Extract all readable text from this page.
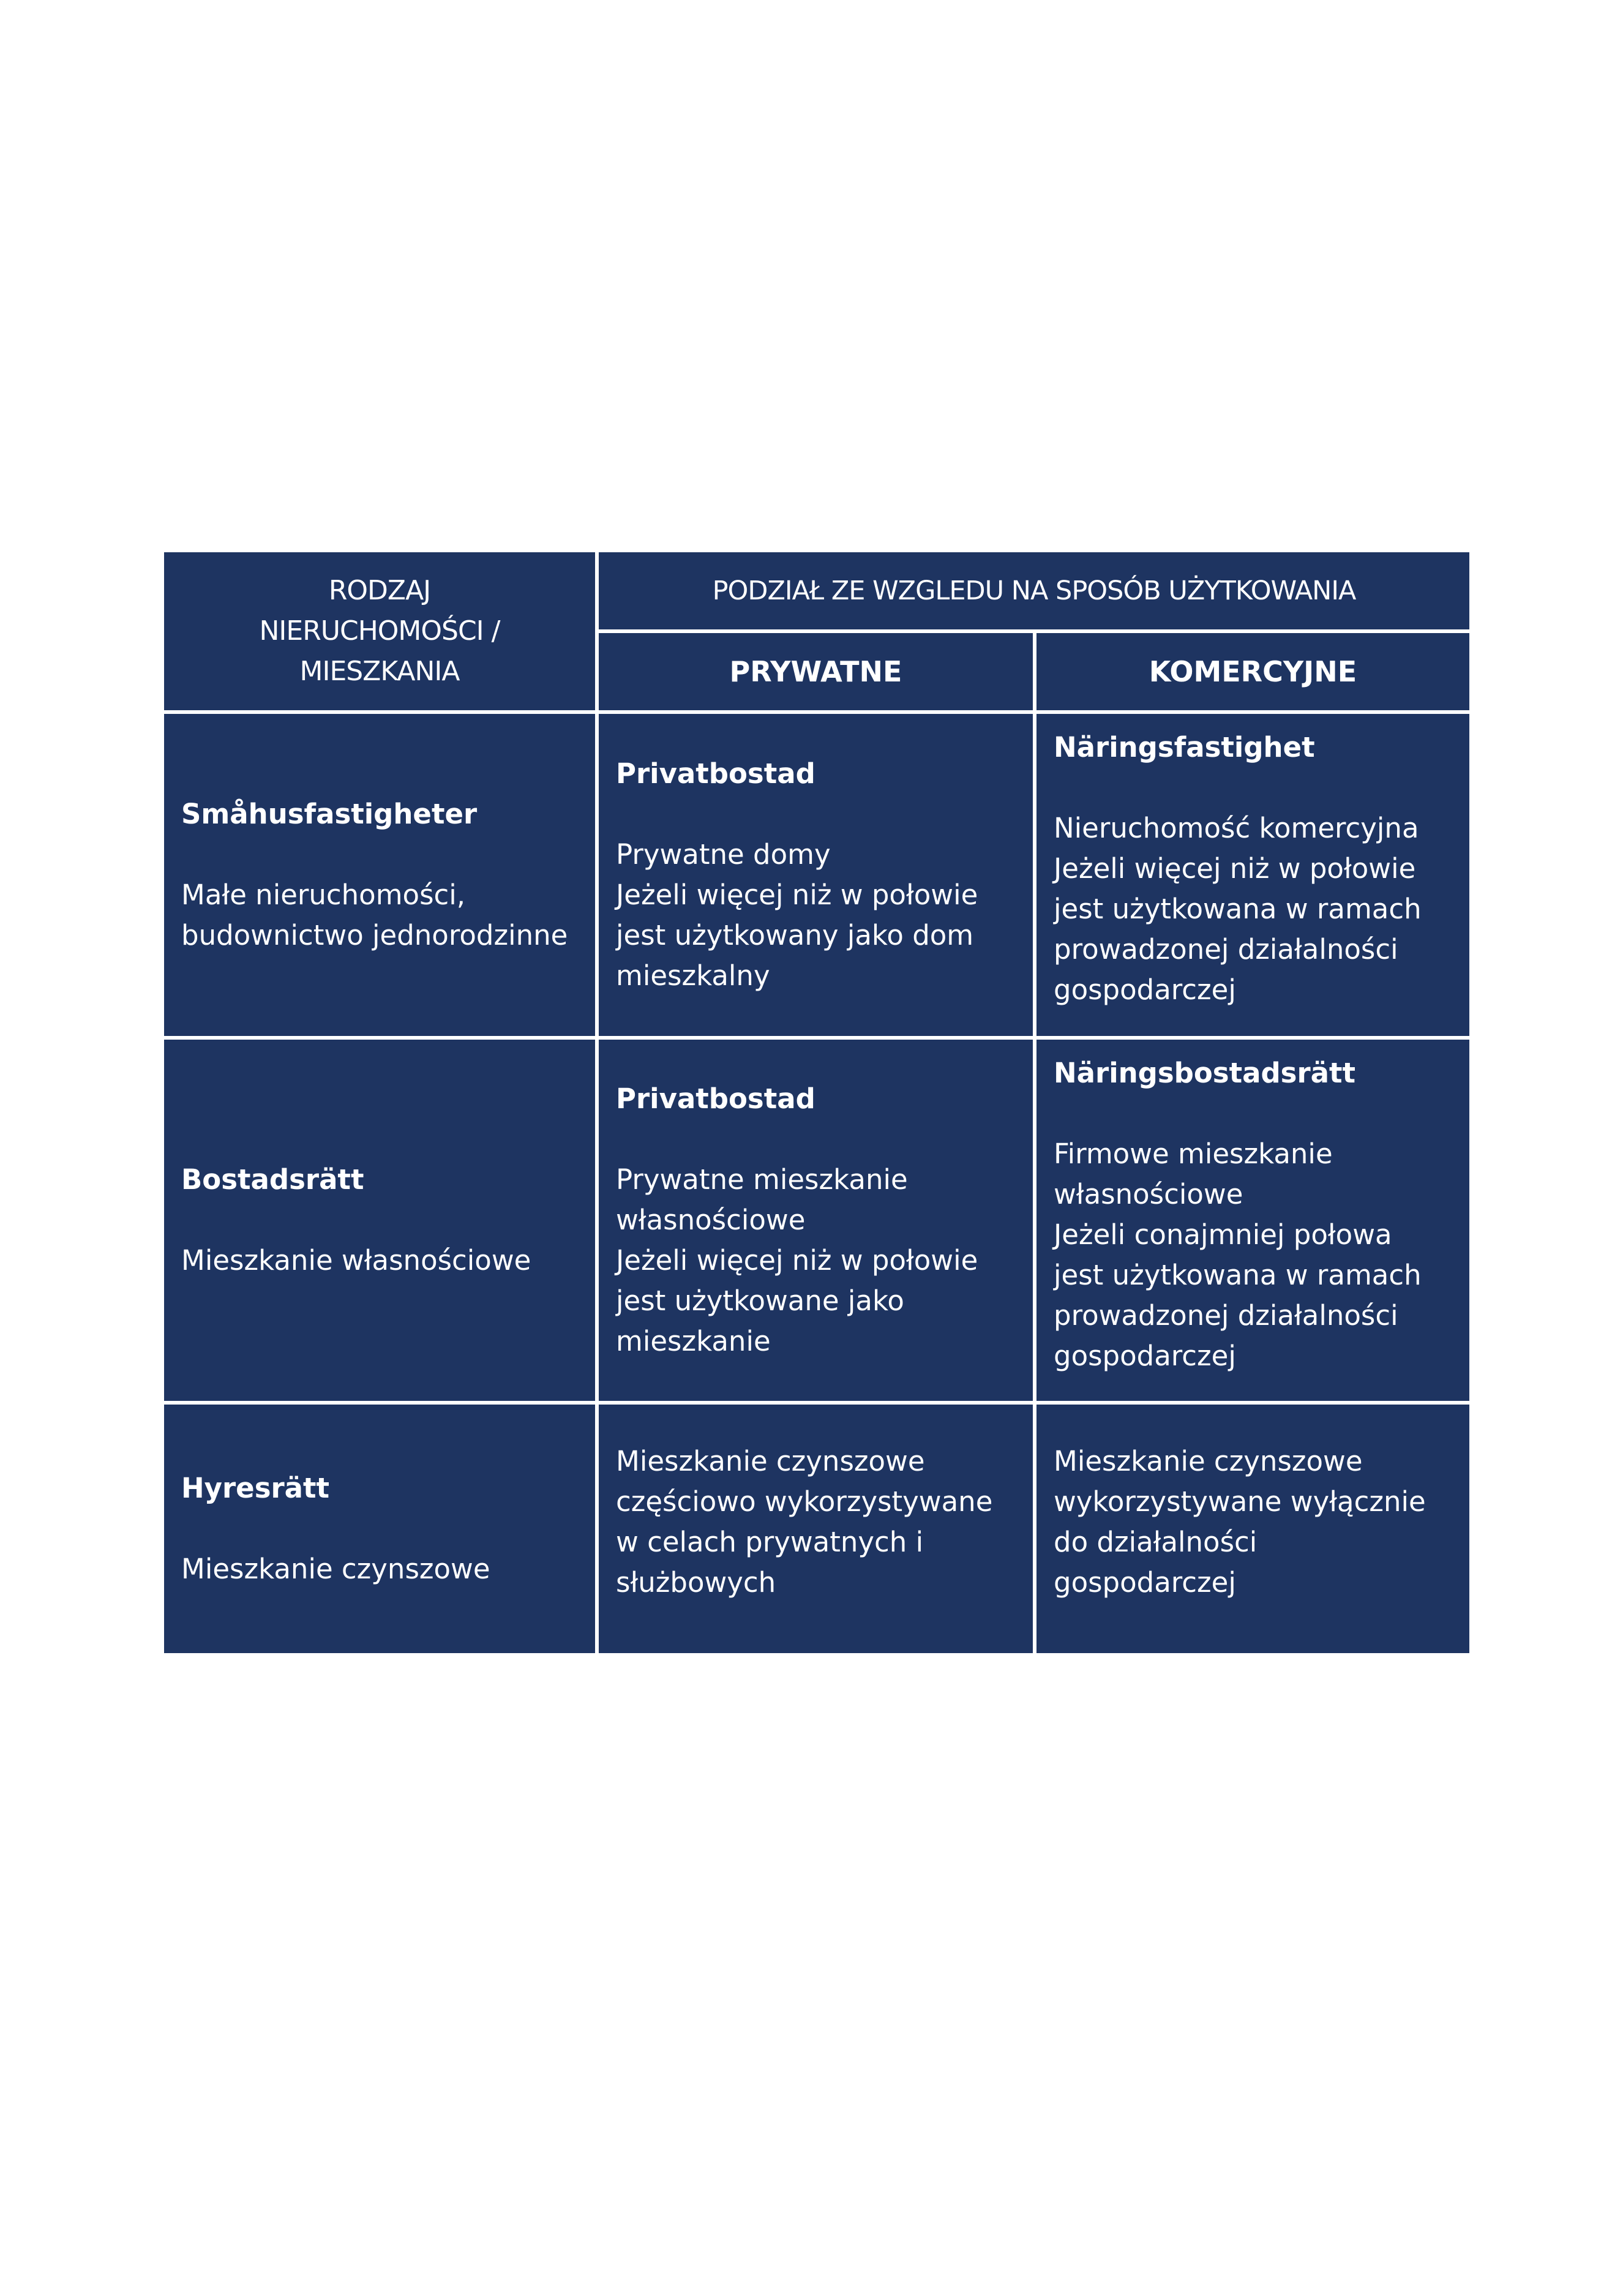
RODZAJ
NIERUCHOMOŚCI /
MIESZKANIA
PODZIAŁ ZE WZGLEDU NA SPOSÓB UŻYTKOWANIA
PRYWATNE	KOMERCYJNE
Småhusfastigheter
Małe nieruchomości,
budownictwo jednorodzinne
Privatbostad
Prywatne domy
Jeżeli więcej niż w połowie
jest użytkowany jako dom
mieszkalny
Näringsfastighet
Nieruchomość komercyjna
Jeżeli więcej niż w połowie
jest użytkowana w ramach
prowadzonej działalności
gospodarczej
Bostadsrätt
Mieszkanie własnościowe
Privatbostad
Prywatne mieszkanie
własnościowe
Jeżeli więcej niż w połowie
jest użytkowane jako
mieszkanie
Näringsbostadsrätt
Firmowe mieszkanie
własnościowe
Jeżeli conajmniej połowa
jest użytkowana w ramach
prowadzonej działalności
gospodarczej
Hyresrätt
Mieszkanie czynszowe
Mieszkanie czynszowe
częściowo wykorzystywane
w celach prywatnych i
służbowych
Mieszkanie czynszowe
wykorzystywane wyłącznie
do działalności
gospodarczej
